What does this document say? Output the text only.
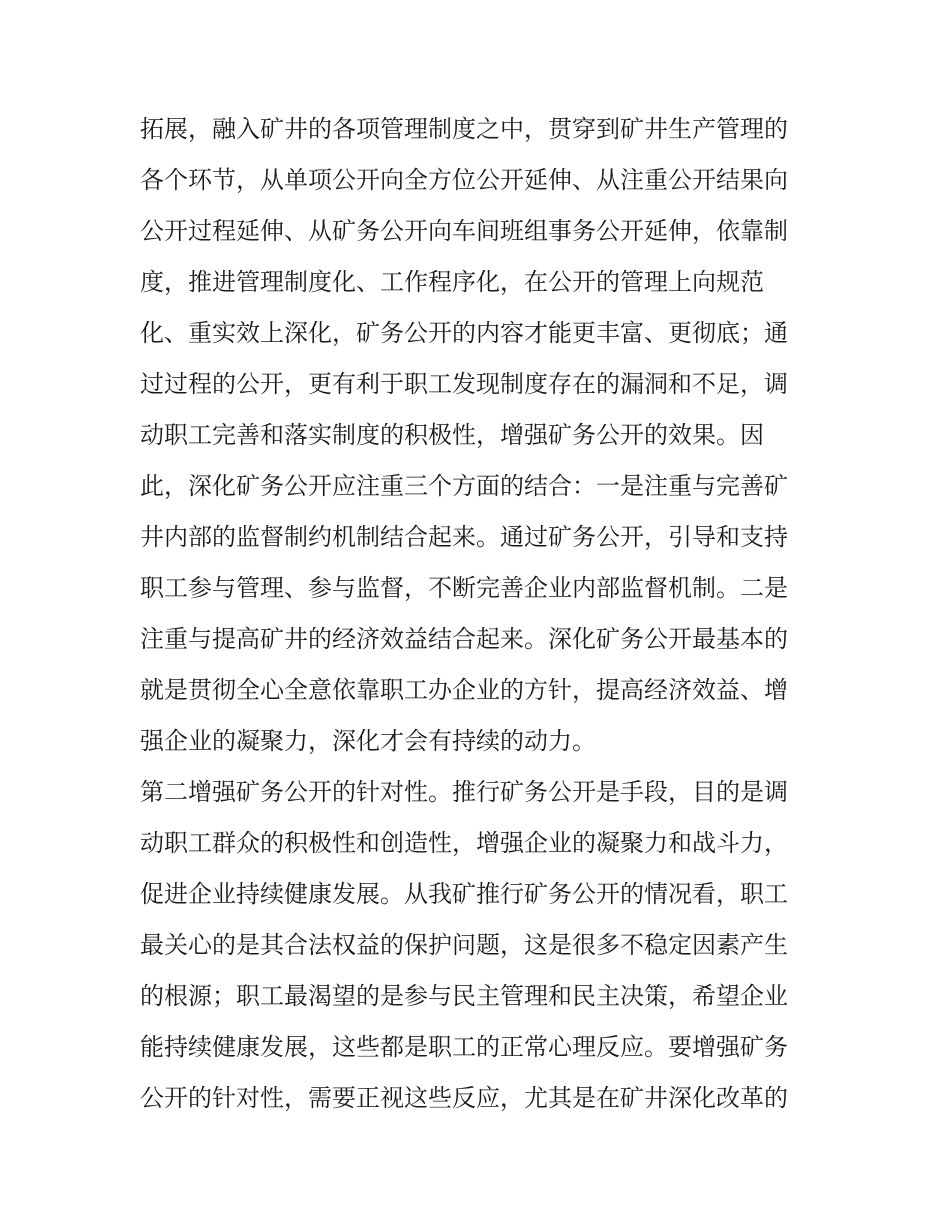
拓展，融入矿井的各项管理制度之中，贯穿到矿井生产管理的
各个环节，从单项公开向全方位公开延伸、从注重公开结果向
公开过程延伸、从矿务公开向车间班组事务公开延伸，依靠制
度，推进管理制度化、工作程序化，在公开的管理上向规范
化、重实效上深化，矿务公开的内容才能更丰富、更彻底；通
过过程的公开，更有利于职工发现制度存在的漏洞和不足，调
动职工完善和落实制度的积极性，增强矿务公开的效果。因
此，深化矿务公开应注重三个方面的结合：一是注重与完善矿
井内部的监督制约机制结合起来。通过矿务公开，引导和支持
职工参与管理、参与监督，不断完善企业内部监督机制。二是
注重与提高矿井的经济效益结合起来。深化矿务公开最基本的
就是贯彻全心全意依靠职工办企业的方针，提高经济效益、增
强企业的凝聚力，深化才会有持续的动力。
第二增强矿务公开的针对性。推行矿务公开是手段，目的是调
动职工群众的积极性和创造性，增强企业的凝聚力和战斗力，
促进企业持续健康发展。从我矿推行矿务公开的情况看，职工
最关心的是其合法权益的保护问题，这是很多不稳定因素产生
的根源；职工最渴望的是参与民主管理和民主决策，希望企业
能持续健康发展，这些都是职工的正常心理反应。要增强矿务
公开的针对性，需要正视这些反应，尤其是在矿井深化改革的
